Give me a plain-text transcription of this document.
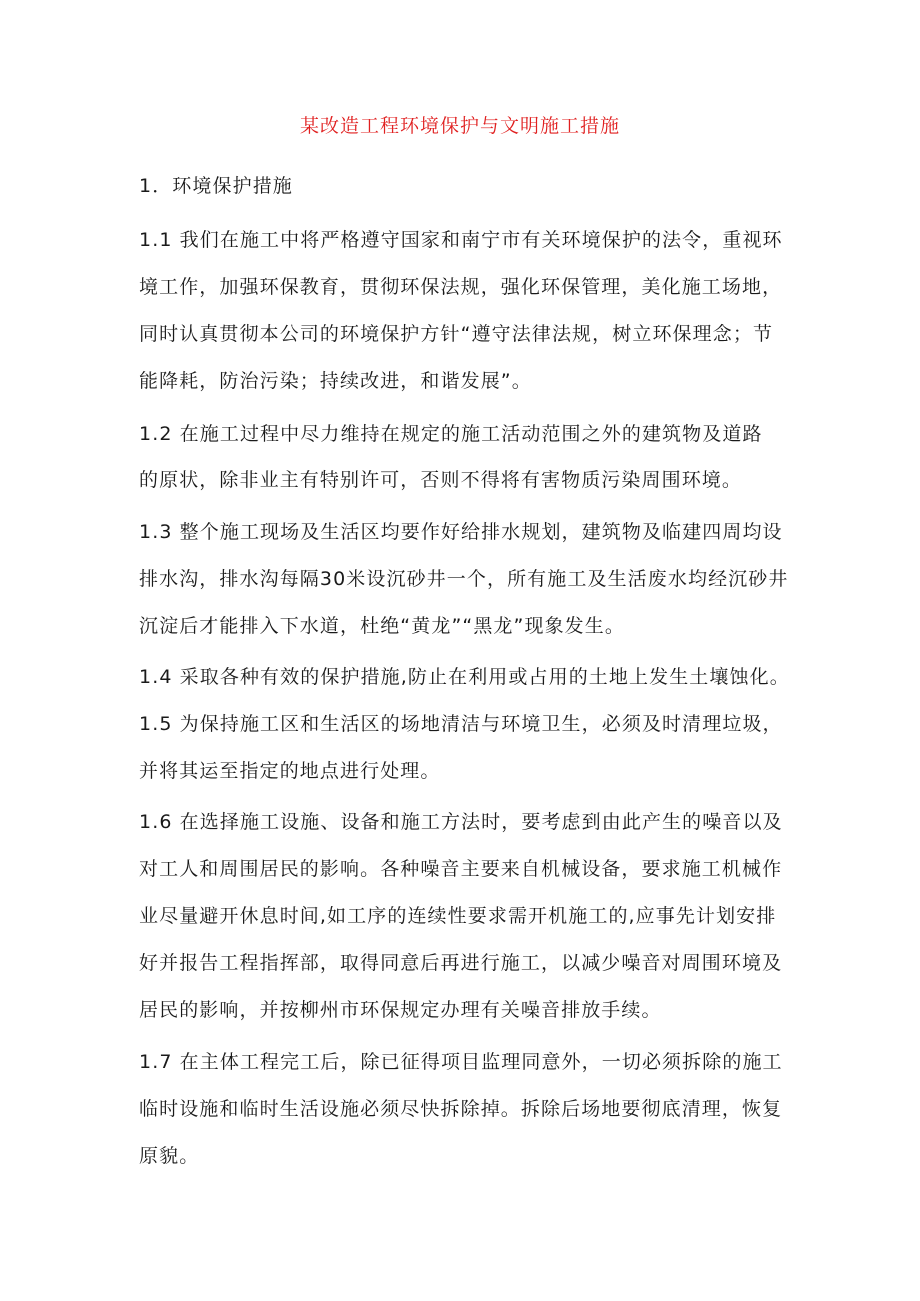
某改造工程环境保护与文明施工措施
1．环境保护措施
1.1 我们在施工中将严格遵守国家和南宁市有关环境保护的法令，重视环
境工作，加强环保教育，贯彻环保法规，强化环保管理，美化施工场地，
同时认真贯彻本公司的环境保护方针“遵守法律法规，树立环保理念；节
能降耗，防治污染；持续改进，和谐发展”。
1.2 在施工过程中尽力维持在规定的施工活动范围之外的建筑物及道路
的原状，除非业主有特别许可，否则不得将有害物质污染周围环境。
1.3 整个施工现场及生活区均要作好给排水规划，建筑物及临建四周均设
排水沟，排水沟每隔30米设沉砂井一个，所有施工及生活废水均经沉砂井
沉淀后才能排入下水道，杜绝“黄龙”“黑龙”现象发生。
1.4 采取各种有效的保护措施,防止在利用或占用的土地上发生土壤蚀化。
1.5 为保持施工区和生活区的场地清洁与环境卫生，必须及时清理垃圾，
并将其运至指定的地点进行处理。
1.6 在选择施工设施、设备和施工方法时，要考虑到由此产生的噪音以及
对工人和周围居民的影响。各种噪音主要来自机械设备，要求施工机械作
业尽量避开休息时间,如工序的连续性要求需开机施工的,应事先计划安排
好并报告工程指挥部，取得同意后再进行施工，以减少噪音对周围环境及
居民的影响，并按柳州市环保规定办理有关噪音排放手续。
1.7 在主体工程完工后，除已征得项目监理同意外，一切必须拆除的施工
临时设施和临时生活设施必须尽快拆除掉。拆除后场地要彻底清理，恢复
原貌。
